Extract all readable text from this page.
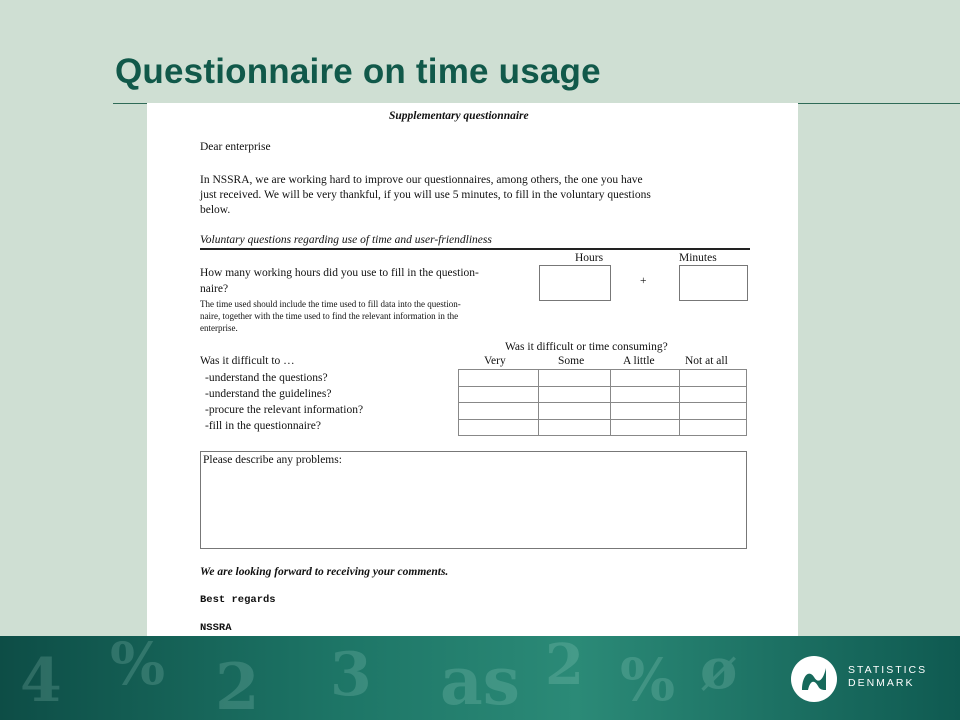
Questionnaire on time usage
Supplementary questionnaire
Dear enterprise
In NSSRA, we are working hard to improve our questionnaires, among others, the one you have
just received. We will be very thankful, if you will use 5 minutes, to fill in the voluntary questions
below.
Voluntary questions regarding use of time and user-friendliness
Hours	Minutes
+
How many working hours did you use to fill in the question-
naire?
The time used should include the time used to fill data into the question-
naire, together with the time used to find the relevant information in the
enterprise.
Was it difficult or time consuming?
Was it difficult to …	Very	Some	A little	Not at all
-understand the questions?
-understand the guidelines?
-procure the relevant information?
-fill in the questionnaire?
Please describe any problems:
We are looking forward to receiving your comments.
Best regards
NSSRA
4 % 2 3 as 2 % ø	STATISTICS
DENMARK
